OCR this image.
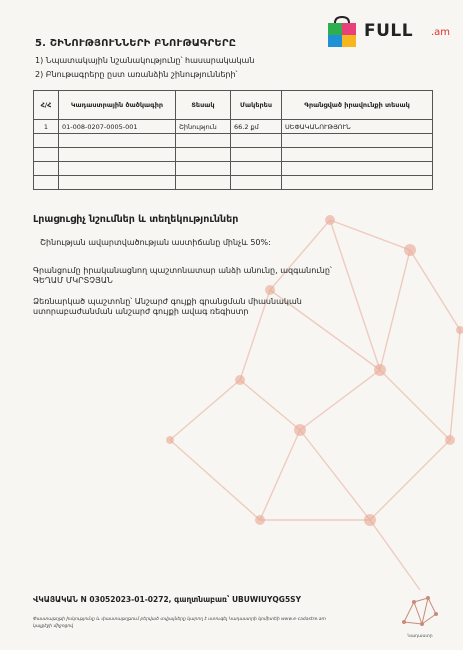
FULL .am
5. ՇԻՆՈՒԹՅՈՒՆՆԵՐԻ ԲՆՈՒԹԱԳՐԵՐԸ
1) Նպատակային նշանակությունը՝ հասարակական
2) Բնութագրերը ըստ առանձին շինությունների՝
Հ/Հ	Կադաստրային ծածկագիր	Տեսակ	Մակերես	Գրանցված իրավունքի տեսակ
1	01-008-0207-0005-001	Շինություն	66.2 քմ	ՍԵՓԱԿԱՆՈՒԹՅՈՒՆ

Լրացուցիչ նշումներ և տեղեկություններ
Շինության ավարտվածության աստիճանը մինչև 50%:
Գրանցումը իրականացնող պաշտոնատար անձի անունը, ազգանունը՝ ԳԵՂԱՄ ՄԿՐՏՉՅԱՆ
Ձեռնարկած պաշտոնը՝ Անշարժ գույքի գրանցման միասնական ստորաբաժանման անշարժ գույքի ավագ ռեգիստր
ՎԿԱՅԱԿԱՆ N 03052023-01-0272, գաղտնաբառ՝ UBUWIUYQG5SY
Փաստաթղթի իսկությունը և փաստաթղթում բերված տվյալները կարող է ստուգել Կադաստրի կոմիտեի www.e-cadastre.am կայքէջի միջոցով
Կադաստր
